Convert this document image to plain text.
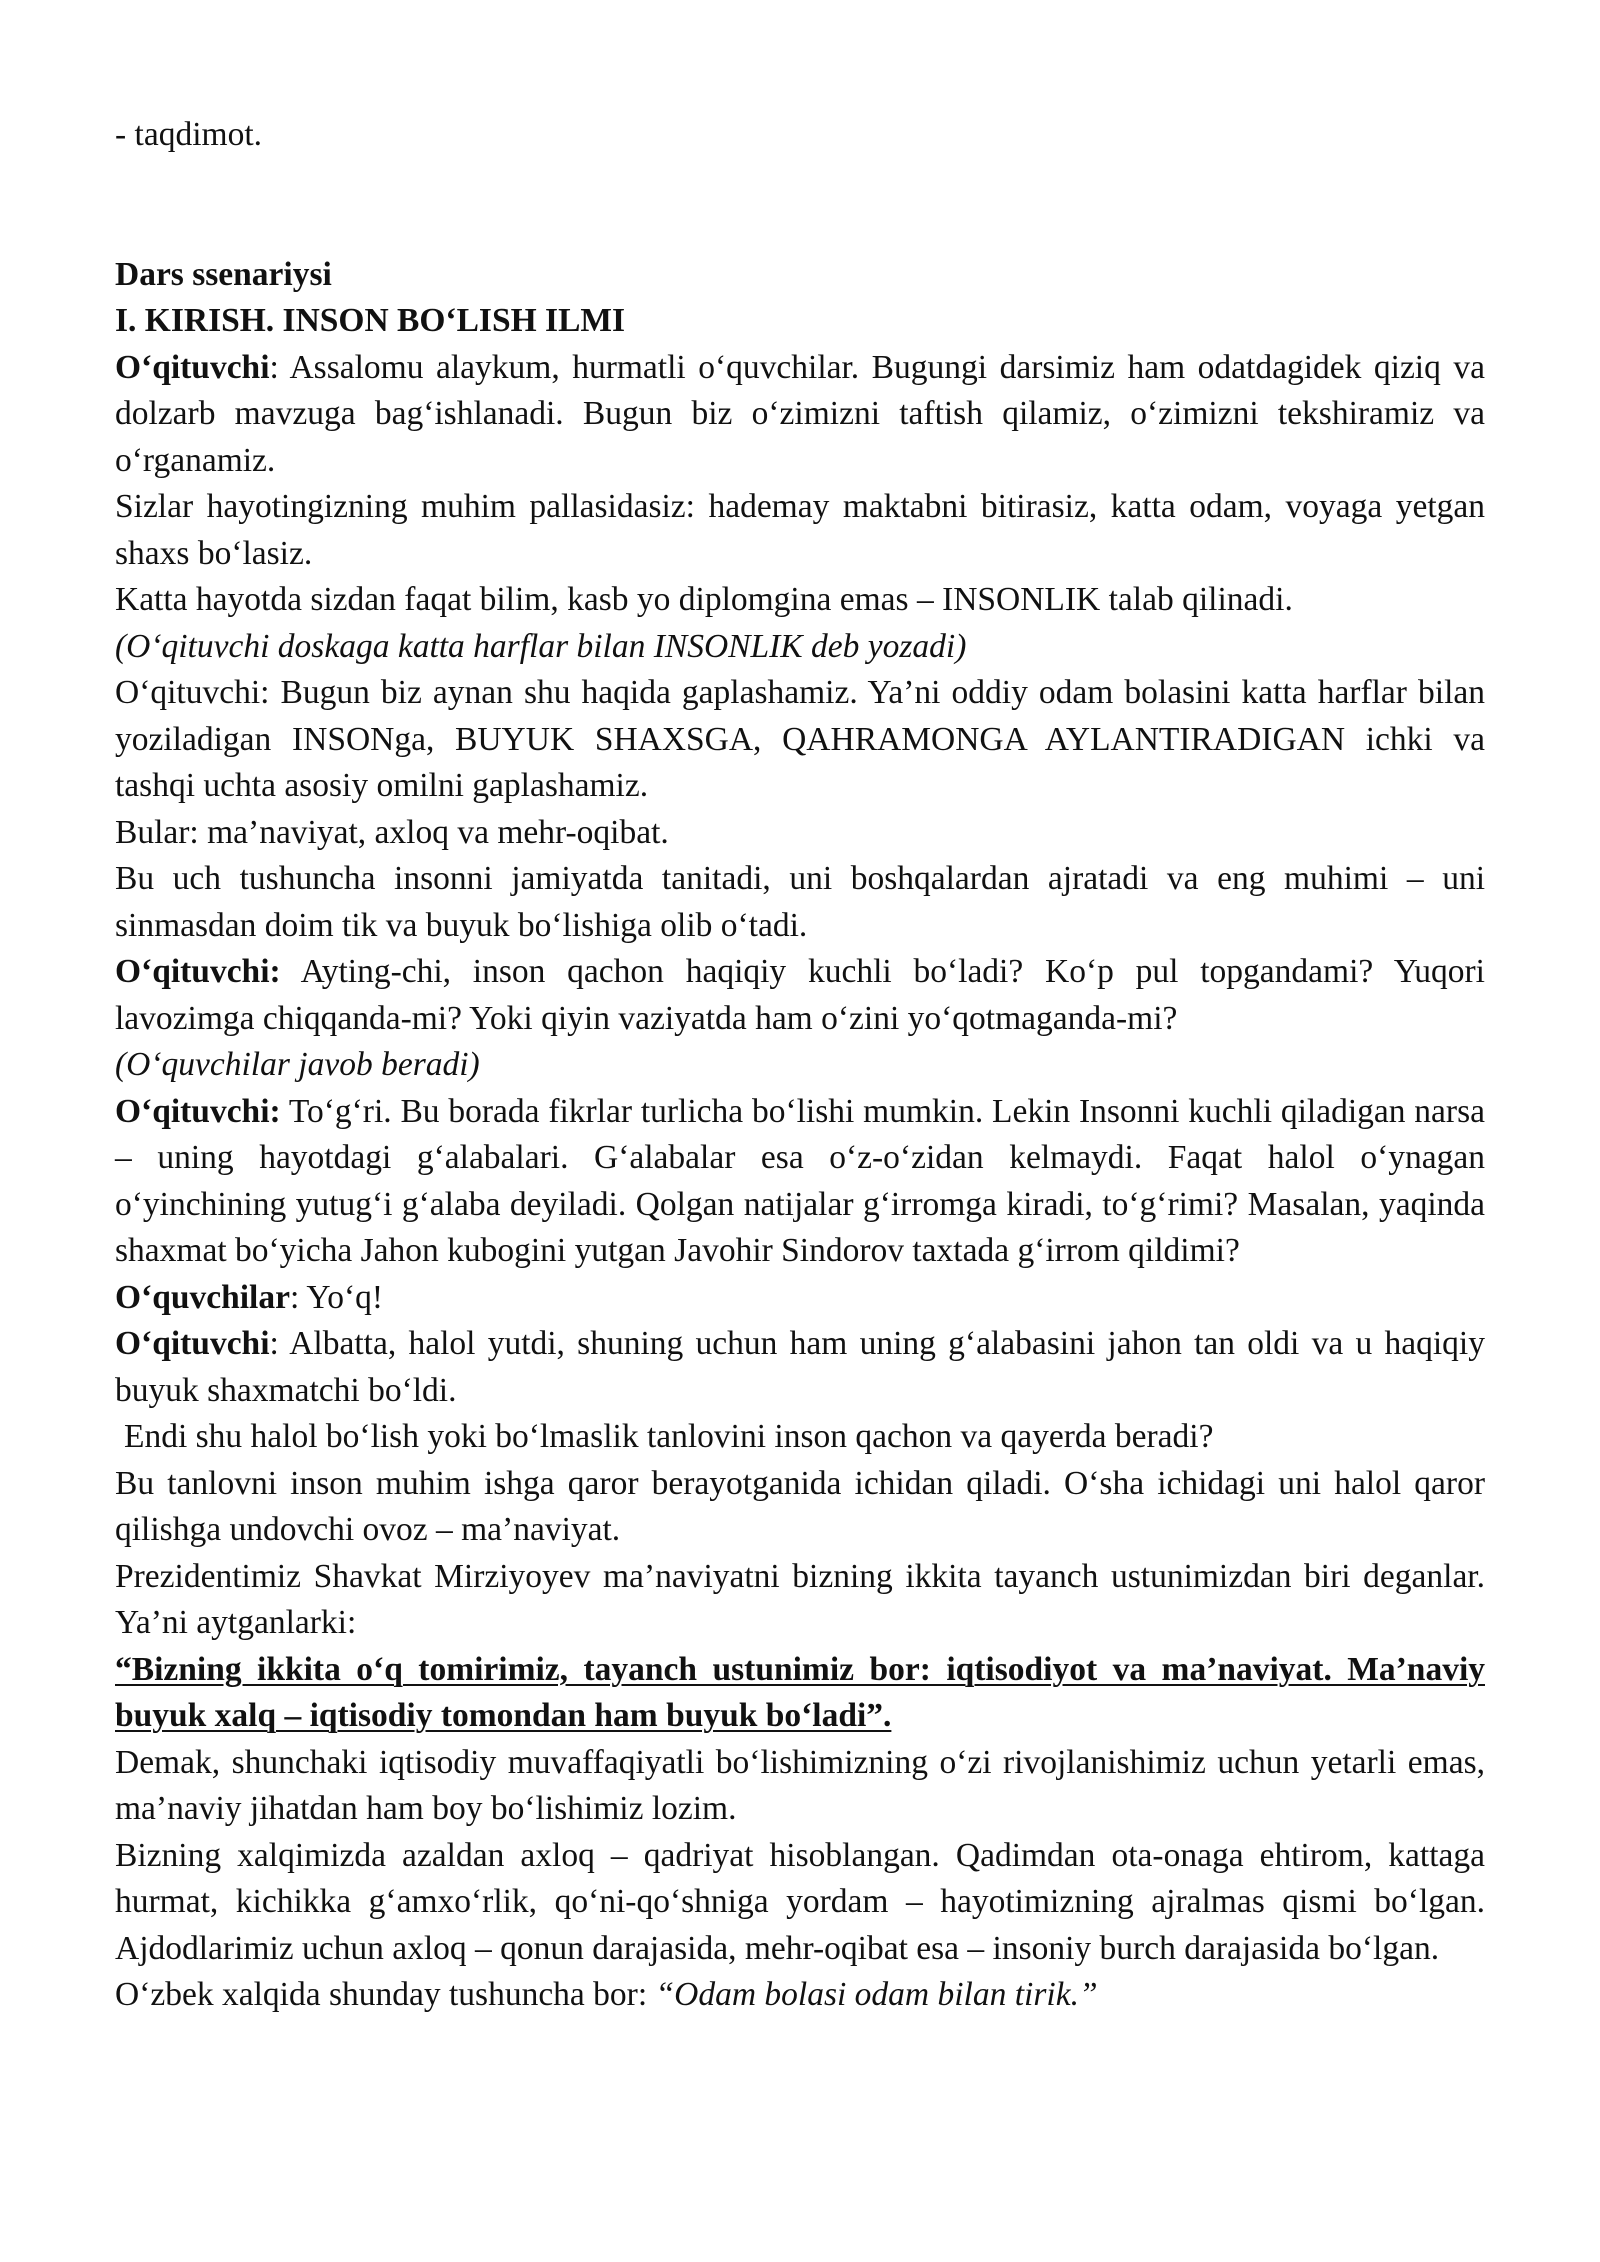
- taqdimot.

Dars ssenariysi

I. KIRISH. INSON BO‘LISH ILMI

O‘qituvchi: Assalomu alaykum, hurmatli o‘quvchilar. Bugungi darsimiz ham odatdagidek qiziq va dolzarb mavzuga bag‘ishlanadi. Bugun biz o‘zimizni taftish qilamiz, o‘zimizni tekshiramiz va o‘rganamiz.

Sizlar hayotingizning muhim pallasidasiz: hademay maktabni bitirasiz, katta odam, voyaga yetgan shaxs bo‘lasiz.

Katta hayotda sizdan faqat bilim, kasb yo diplomgina emas – INSONLIK talab qilinadi.

(O‘qituvchi doskaga katta harflar bilan INSONLIK deb yozadi)

O‘qituvchi: Bugun biz aynan shu haqida gaplashamiz. Ya’ni oddiy odam bolasini katta harflar bilan yoziladigan INSONga, BUYUK SHAXSGA, QAHRAMONGA AYLANTIRADIGAN ichki va tashqi uchta asosiy omilni gaplashamiz.

Bular: ma’naviyat, axloq va mehr-oqibat.

Bu uch tushuncha insonni jamiyatda tanitadi, uni boshqalardan ajratadi va eng muhimi – uni sinmasdan doim tik va buyuk bo‘lishiga olib o‘tadi.

O‘qituvchi: Ayting-chi, inson qachon haqiqiy kuchli bo‘ladi? Ko‘p pul topgandami? Yuqori lavozimga chiqqanda-mi? Yoki qiyin vaziyatda ham o‘zini yo‘qotmaganda-mi?

(O‘quvchilar javob beradi)

O‘qituvchi: To‘g‘ri. Bu borada fikrlar turlicha bo‘lishi mumkin. Lekin Insonni kuchli qiladigan narsa – uning hayotdagi g‘alabalari. G‘alabalar esa o‘z-o‘zidan kelmaydi. Faqat halol o‘ynagan o‘yinchining yutug‘i g‘alaba deyiladi. Qolgan natijalar g‘irromga kiradi, to‘g‘rimi? Masalan, yaqinda shaxmat bo‘yicha Jahon kubogini yutgan Javohir Sindorov taxtada g‘irrom qildimi?

O‘quvchilar: Yo‘q!

O‘qituvchi: Albatta, halol yutdi, shuning uchun ham uning g‘alabasini jahon tan oldi va u haqiqiy buyuk shaxmatchi bo‘ldi.

Endi shu halol bo‘lish yoki bo‘lmaslik tanlovini inson qachon va qayerda beradi?

Bu tanlovni inson muhim ishga qaror berayotganida ichidan qiladi. O‘sha ichidagi uni halol qaror qilishga undovchi ovoz – ma’naviyat.

Prezidentimiz Shavkat Mirziyoyev ma’naviyatni bizning ikkita tayanch ustunimizdan biri deganlar. Ya’ni aytganlarki:

“Bizning ikkita o‘q tomirimiz, tayanch ustunimiz bor: iqtisodiyot va ma’naviyat. Ma’naviy buyuk xalq – iqtisodiy tomondan ham buyuk bo‘ladi”.

Demak, shunchaki iqtisodiy muvaffaqiyatli bo‘lishimizning o‘zi rivojlanishimiz uchun yetarli emas, ma’naviy jihatdan ham boy bo‘lishimiz lozim.

Bizning xalqimizda azaldan axloq – qadriyat hisoblangan. Qadimdan ota-onaga ehtirom, kattaga hurmat, kichikka g‘amxo‘rlik, qo‘ni-qo‘shniga yordam – hayotimizning ajralmas qismi bo‘lgan. Ajdodlarimiz uchun axloq – qonun darajasida, mehr-oqibat esa – insoniy burch darajasida bo‘lgan.

O‘zbek xalqida shunday tushuncha bor: “Odam bolasi odam bilan tirik.”
